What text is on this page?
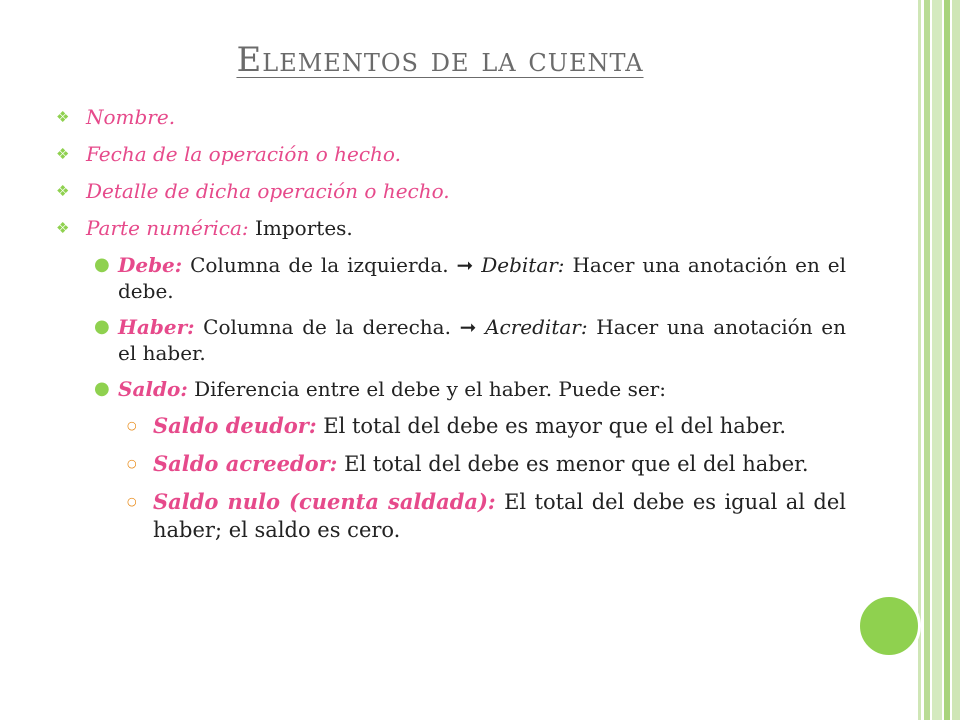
Elementos de la cuenta
❖ Nombre.
❖ Fecha de la operación o hecho.
❖ Detalle de dicha operación o hecho.
❖ Parte numérica: Importes.
● Debe: Columna de la izquierda. ➞ Debitar: Hacer una anotación en el debe.
● Haber: Columna de la derecha. ➞ Acreditar: Hacer una anotación en el haber.
● Saldo: Diferencia entre el debe y el haber. Puede ser:
○ Saldo deudor: El total del debe es mayor que el del haber.
○ Saldo acreedor: El total del debe es menor que el del haber.
○ Saldo nulo (cuenta saldada): El total del debe es igual al del haber; el saldo es cero.
